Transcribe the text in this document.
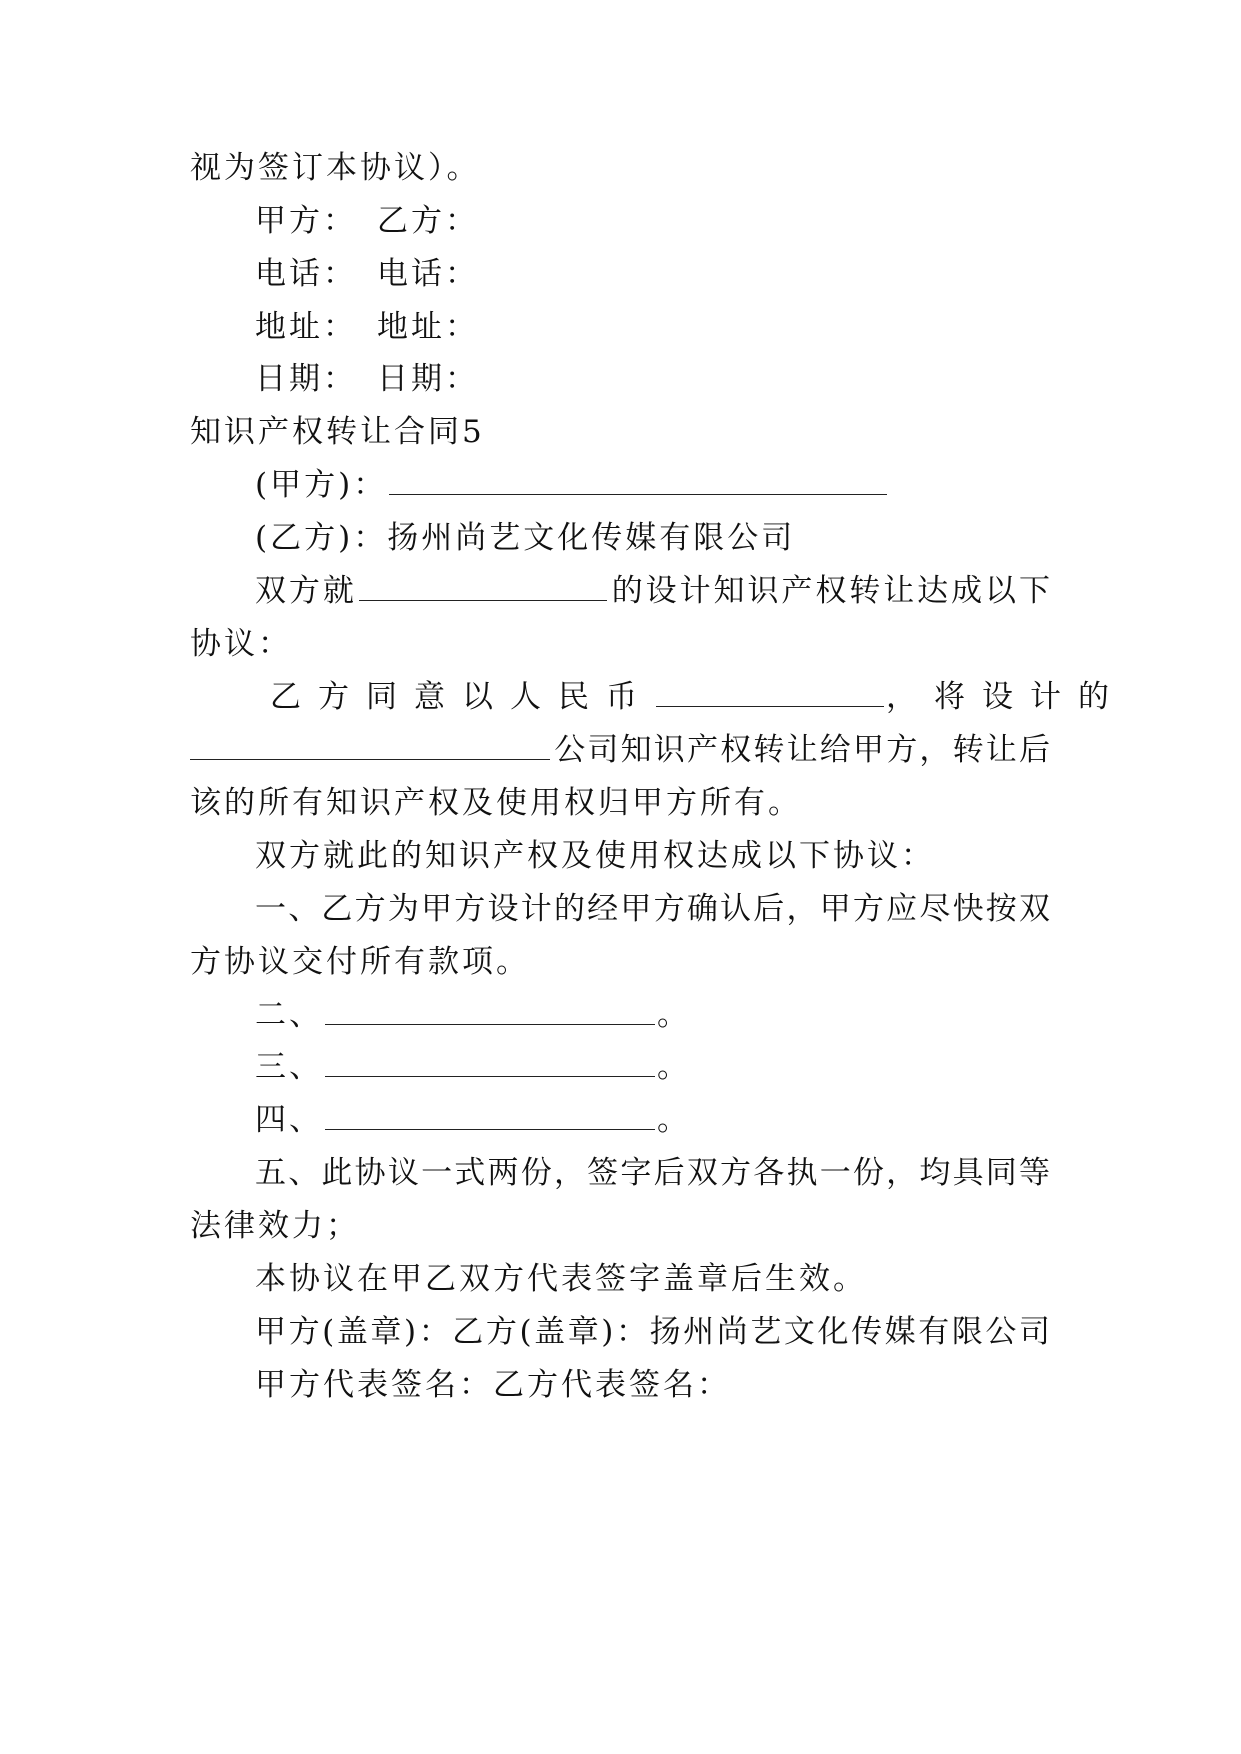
视为签订本协议）。
甲方： 乙方：
电话： 电话：
地址： 地址：
日期： 日期：
知识产权转让合同5
(甲方)：
(乙方)：扬州尚艺文化传媒有限公司
双方就	的设计知识产权转让达成以下
协议：
乙方同意以人民币	，将设计的
公司知识产权转让给甲方，转让后
该的所有知识产权及使用权归甲方所有。
双方就此的知识产权及使用权达成以下协议：
一、乙方为甲方设计的经甲方确认后，甲方应尽快按双
方协议交付所有款项。
二、	。
三、	。
四、	。
五、此协议一式两份，签字后双方各执一份，均具同等
法律效力；
本协议在甲乙双方代表签字盖章后生效。
甲方(盖章)：乙方(盖章)：扬州尚艺文化传媒有限公司
甲方代表签名：乙方代表签名：
